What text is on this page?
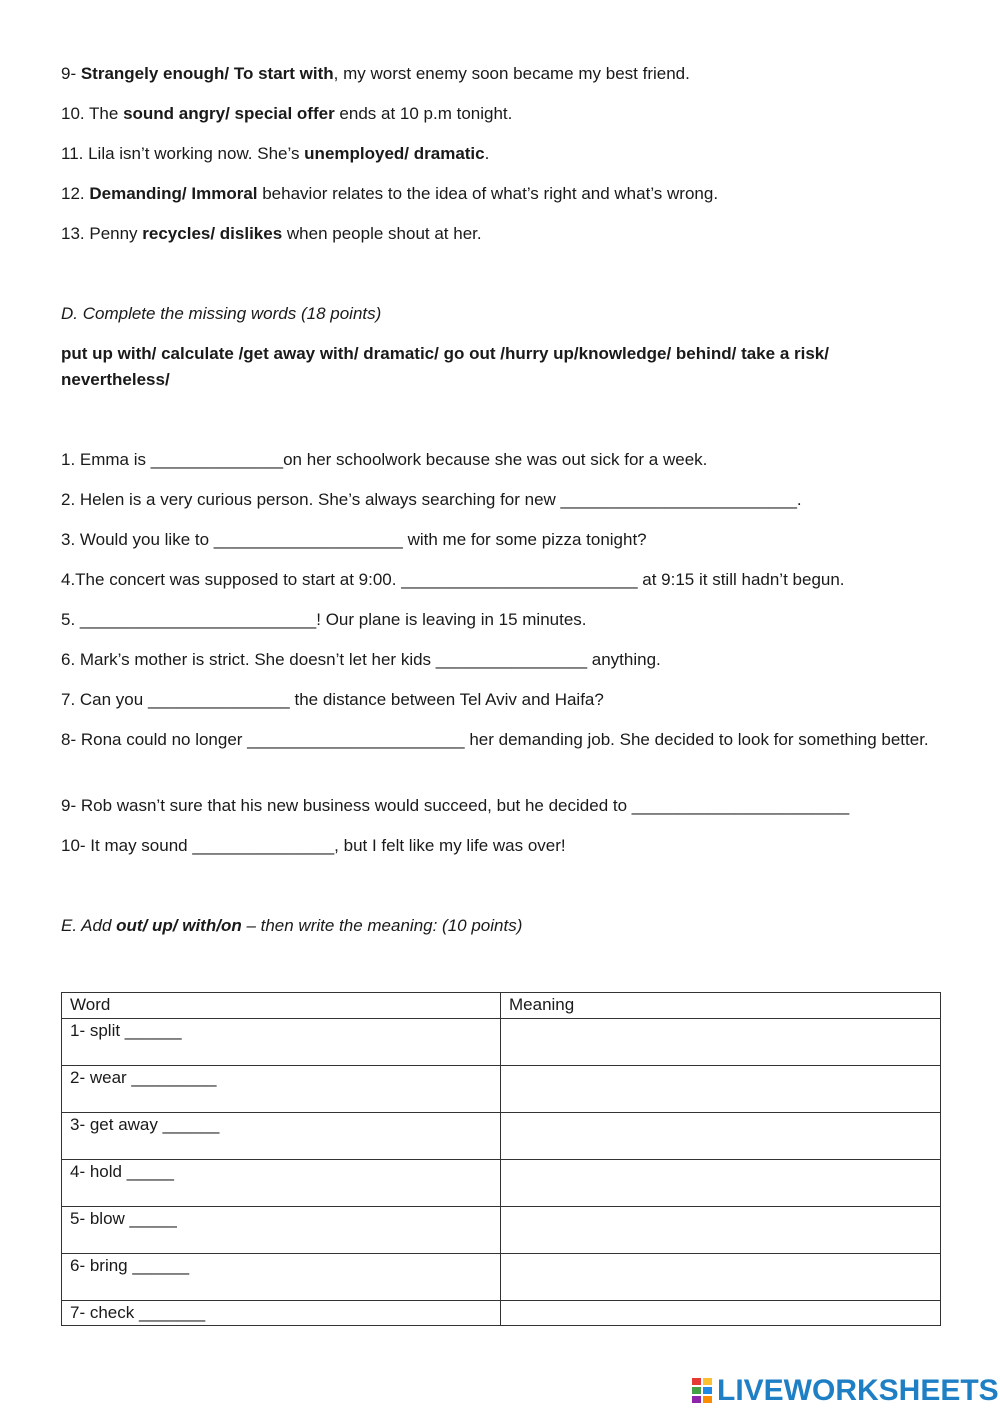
9- Strangely enough/ To start with, my worst enemy soon became my best friend.
10. The sound angry/ special offer ends at 10 p.m tonight.
11. Lila isn’t working now. She’s unemployed/ dramatic.
12. Demanding/ Immoral behavior relates to the idea of what’s right and what’s wrong.
13. Penny recycles/ dislikes when people shout at her.
D. Complete the missing words (18 points)
put up with/ calculate /get away with/ dramatic/ go out /hurry up/knowledge/ behind/ take a risk/ nevertheless/
1. Emma is ______________on her schoolwork because she was out sick for a week.
2. Helen is a very curious person. She’s always searching for new _________________________.
3. Would you like to ____________________ with me for some pizza tonight?
4.The concert was supposed to start at 9:00. _________________________ at 9:15 it still hadn’t begun.
5. _________________________! Our plane is leaving in 15 minutes.
6. Mark’s mother is strict. She doesn’t let her kids ________________ anything.
7. Can you _______________ the distance between Tel Aviv and Haifa?
8- Rona could no longer _______________________ her demanding job. She decided to look for something better.
9- Rob wasn’t sure that his new business would succeed, but he decided to _______________________
10- It may sound _______________, but I felt like my life was over!
E. Add out/ up/ with/on – then write the meaning: (10 points)
Word	Meaning
1- split ______	
2- wear _________	
3- get away ______	
4- hold _____	
5- blow _____	
6- bring ______	
7- check _______	
LIVEWORKSHEETS
